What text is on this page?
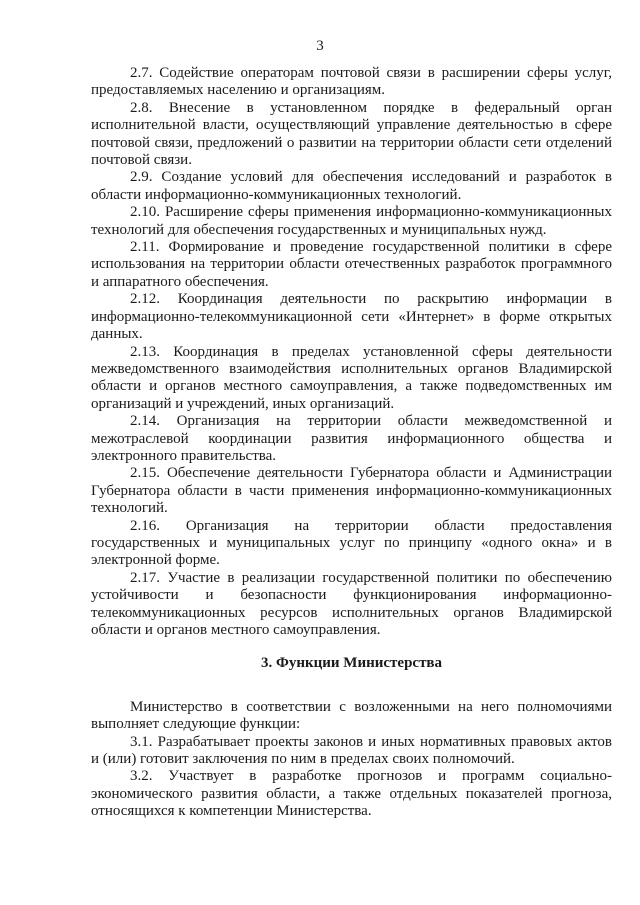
3

2.7. Содействие операторам почтовой связи в расширении сферы услуг, предоставляемых населению и организациям.

2.8. Внесение в установленном порядке в федеральный орган исполнительной власти, осуществляющий управление деятельностью в сфере почтовой связи, предложений о развитии на территории области сети отделений почтовой связи.

2.9. Создание условий для обеспечения исследований и разработок в области информационно-коммуникационных технологий.

2.10. Расширение сферы применения информационно-коммуникационных технологий для обеспечения государственных и муниципальных нужд.

2.11. Формирование и проведение государственной политики в сфере использования на территории области отечественных разработок программного и аппаратного обеспечения.

2.12. Координация деятельности по раскрытию информации в информационно-телекоммуникационной сети «Интернет» в форме открытых данных.

2.13. Координация в пределах установленной сферы деятельности межведомственного взаимодействия исполнительных органов Владимирской области и органов местного самоуправления, а также подведомственных им организаций и учреждений, иных организаций.

2.14. Организация на территории области межведомственной и межотраслевой координации развития информационного общества и электронного правительства.

2.15. Обеспечение деятельности Губернатора области и Администрации Губернатора области в части применения информационно-коммуникационных технологий.

2.16. Организация на территории области предоставления государственных и муниципальных услуг по принципу «одного окна» и в электронной форме.

2.17. Участие в реализации государственной политики по обеспечению устойчивости и безопасности функционирования информационно-телекоммуникационных ресурсов исполнительных органов Владимирской области и органов местного самоуправления.

3. Функции Министерства

Министерство в соответствии с возложенными на него полномочиями выполняет следующие функции:

3.1. Разрабатывает проекты законов и иных нормативных правовых актов и (или) готовит заключения по ним в пределах своих полномочий.

3.2. Участвует в разработке прогнозов и программ социально-экономического развития области, а также отдельных показателей прогноза, относящихся к компетенции Министерства.
